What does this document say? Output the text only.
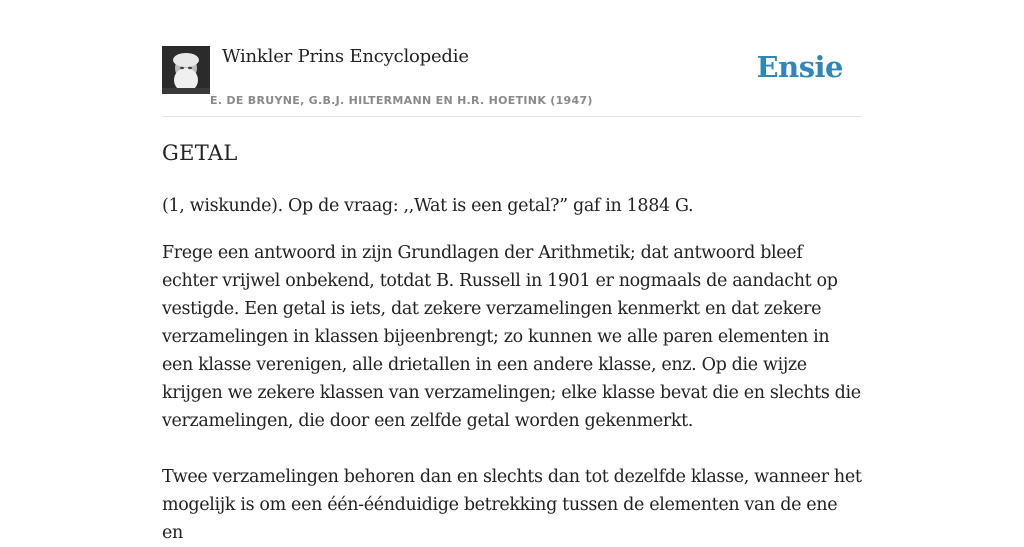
Winkler Prins Encyclopedie	Ensie
E. DE BRUYNE, G.B.J. HILTERMANN EN H.R. HOETINK (1947)
GETAL

(1, wiskunde). Op de vraag: ,,Wat is een getal?” gaf in 1884 G.

Frege een antwoord in zijn Grundlagen der Arithmetik; dat antwoord bleef echter vrijwel onbekend, totdat B. Russell in 1901 er nogmaals de aandacht op vestigde. Een getal is iets, dat zekere verzamelingen kenmerkt en dat zekere verzamelingen in klassen bijeenbrengt; zo kunnen we alle paren elementen in een klasse verenigen, alle drietallen in een andere klasse, enz. Op die wijze krijgen we zekere klassen van verzamelingen; elke klasse bevat die en slechts die verzamelingen, die door een zelfde getal worden gekenmerkt.

Twee verzamelingen behoren dan en slechts dan tot dezelfde klasse, wanneer het mogelijk is om een één-éénduidige betrekking tussen de elementen van de ene en
